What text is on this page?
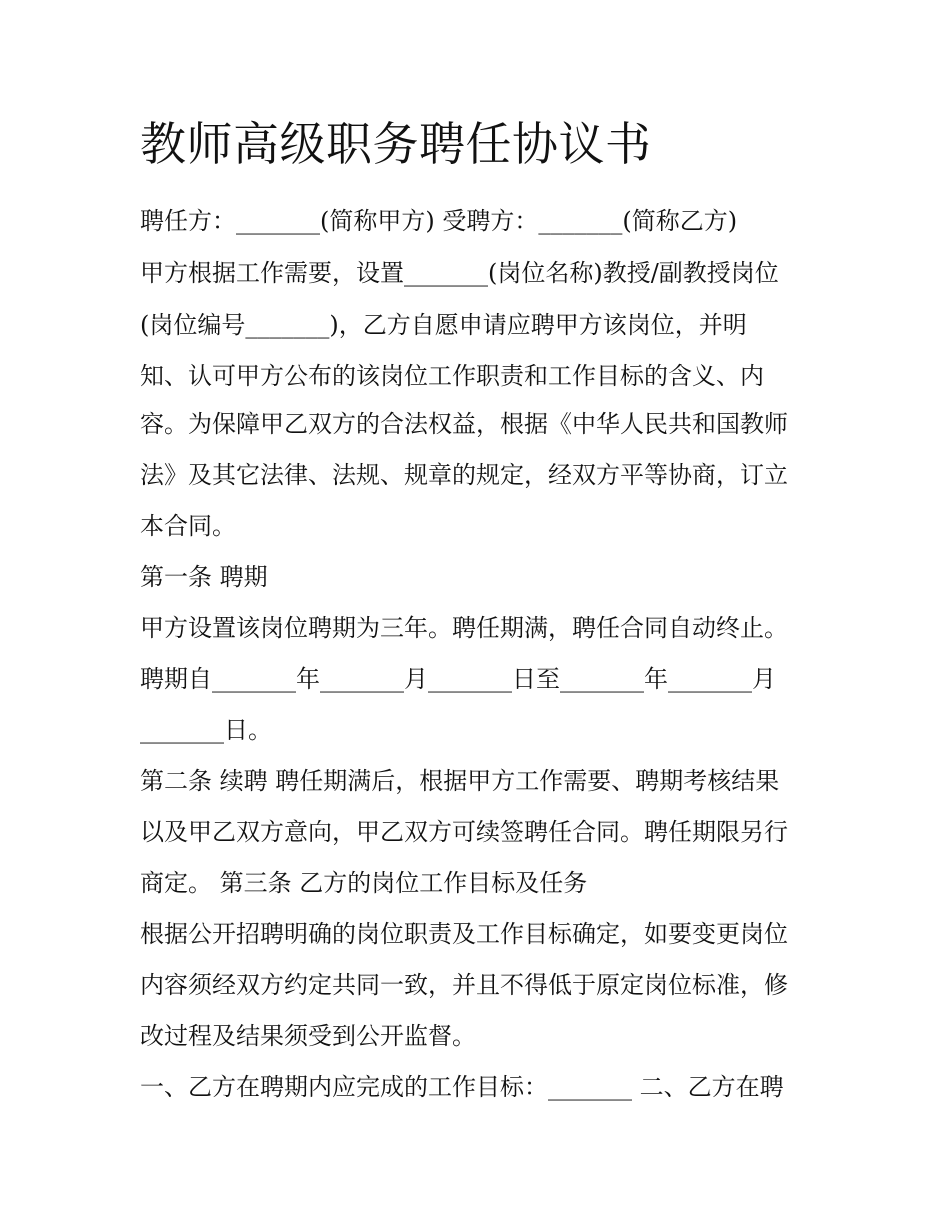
教师高级职务聘任协议书

聘任方：_______(简称甲方) 受聘方：_______(简称乙方)

甲方根据工作需要，设置_______(岗位名称)教授/副教授岗位

(岗位编号_______)，乙方自愿申请应聘甲方该岗位，并明

知、认可甲方公布的该岗位工作职责和工作目标的含义、内

容。为保障甲乙双方的合法权益，根据《中华人民共和国教师

法》及其它法律、法规、规章的规定，经双方平等协商，订立

本合同。

第一条 聘期

甲方设置该岗位聘期为三年。聘任期满，聘任合同自动终止。

聘期自_______年_______月_______日至_______年_______月

_______日。

第二条 续聘 聘任期满后，根据甲方工作需要、聘期考核结果

以及甲乙双方意向，甲乙双方可续签聘任合同。聘任期限另行

商定。 第三条 乙方的岗位工作目标及任务

根据公开招聘明确的岗位职责及工作目标确定，如要变更岗位

内容须经双方约定共同一致，并且不得低于原定岗位标准，修

改过程及结果须受到公开监督。

一、乙方在聘期内应完成的工作目标：_______ 二、乙方在聘
